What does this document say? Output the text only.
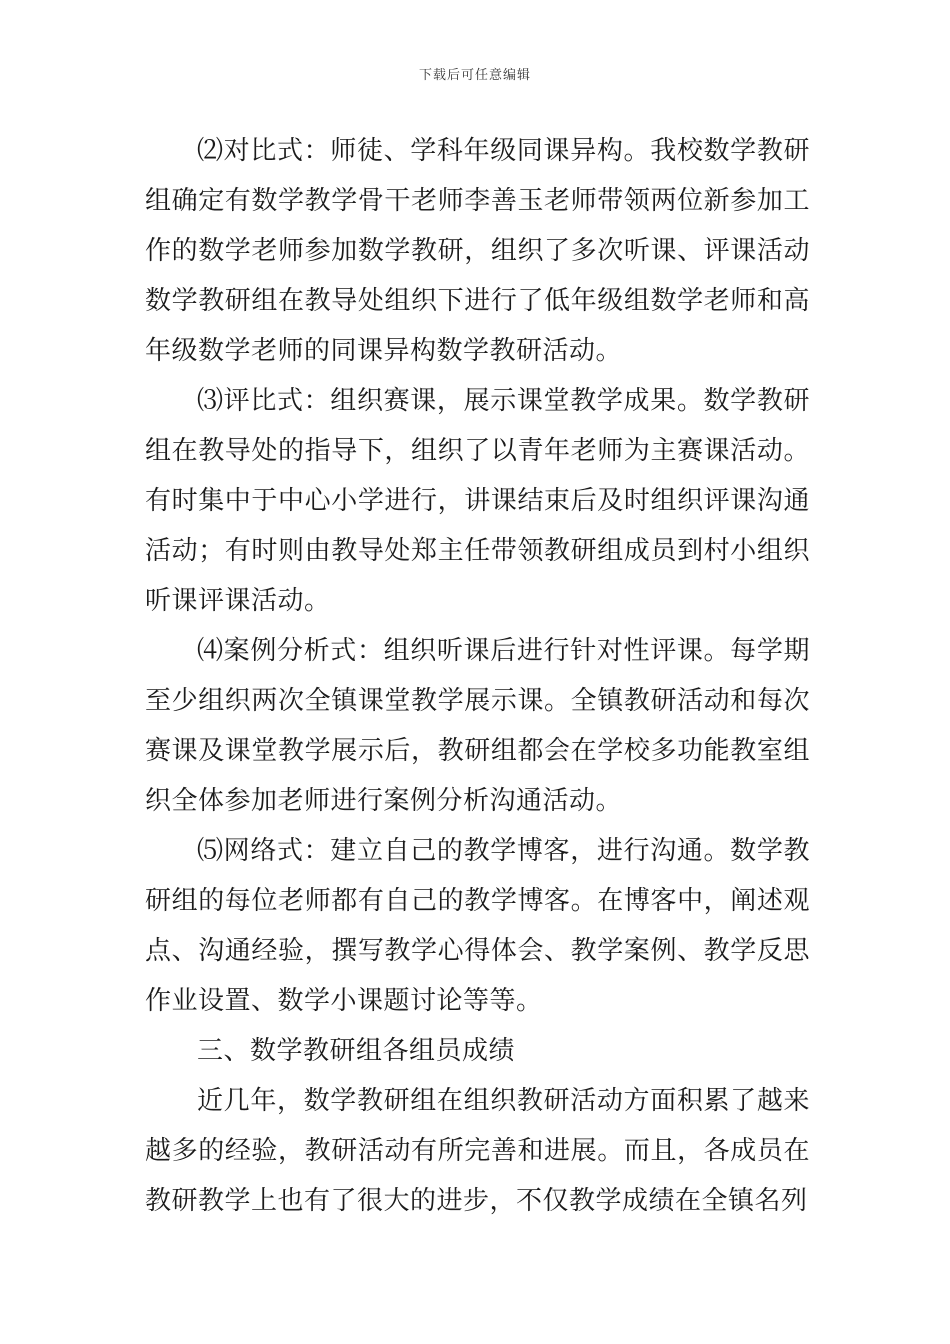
下载后可任意编辑

⑵对比式：师徒、学科年级同课异构。我校数学教研组确定有数学教学骨干老师李善玉老师带领两位新参加工作的数学老师参加数学教研，组织了多次听课、评课活动数学教研组在教导处组织下进行了低年级组数学老师和高年级数学老师的同课异构数学教研活动。

⑶评比式：组织赛课，展示课堂教学成果。数学教研组在教导处的指导下，组织了以青年老师为主赛课活动。有时集中于中心小学进行，讲课结束后及时组织评课沟通活动；有时则由教导处郑主任带领教研组成员到村小组织听课评课活动。

⑷案例分析式：组织听课后进行针对性评课。每学期至少组织两次全镇课堂教学展示课。全镇教研活动和每次赛课及课堂教学展示后，教研组都会在学校多功能教室组织全体参加老师进行案例分析沟通活动。

⑸网络式：建立自己的教学博客，进行沟通。数学教研组的每位老师都有自己的教学博客。在博客中，阐述观点、沟通经验，撰写教学心得体会、教学案例、教学反思作业设置、数学小课题讨论等等。

三、数学教研组各组员成绩

近几年，数学教研组在组织教研活动方面积累了越来越多的经验，教研活动有所完善和进展。而且，各成员在教研教学上也有了很大的进步，不仅教学成绩在全镇名列
